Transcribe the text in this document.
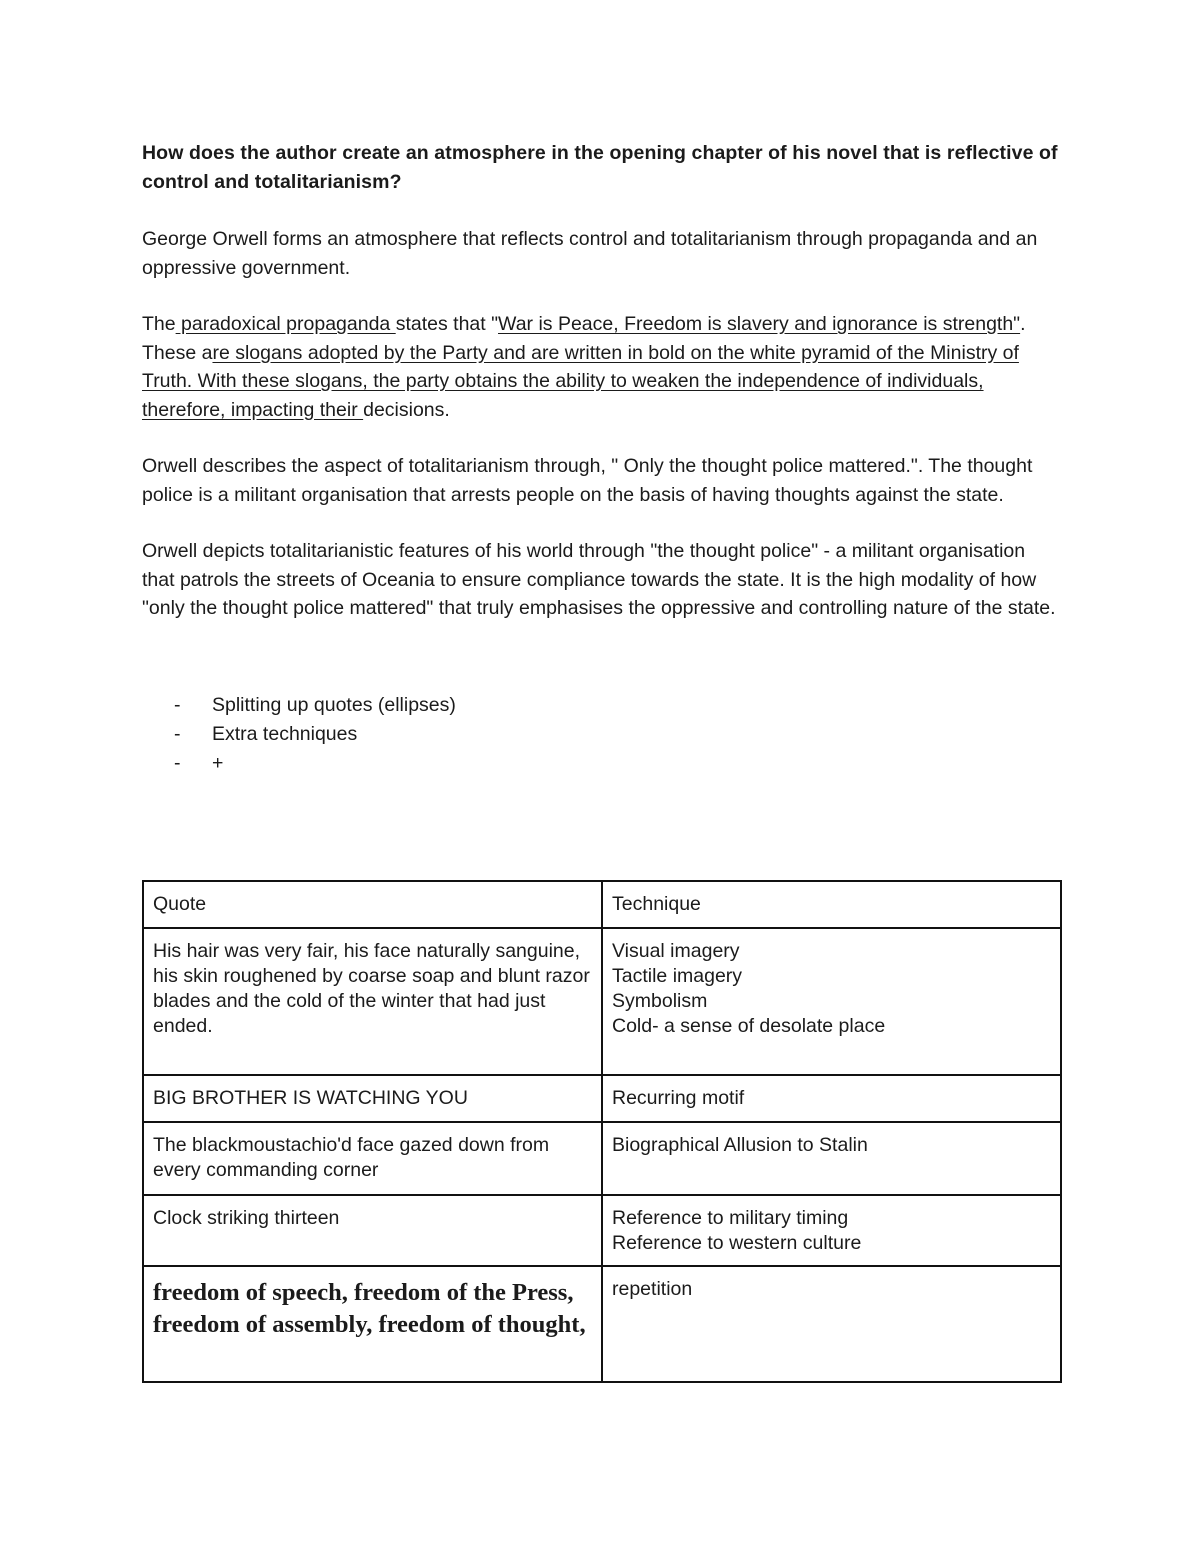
How does the author create an atmosphere in the opening chapter of his novel that is reflective of control and totalitarianism?

George Orwell forms an atmosphere that reflects control and totalitarianism through propaganda and an oppressive government.

The paradoxical propaganda states that "War is Peace, Freedom is slavery and ignorance is strength". These are slogans adopted by the Party and are written in bold on the white pyramid of the Ministry of Truth. With these slogans, the party obtains the ability to weaken the independence of individuals, therefore, impacting their decisions.

Orwell describes the aspect of totalitarianism through, " Only the thought police mattered.". The thought police is a militant organisation that arrests people on the basis of having thoughts against the state.

Orwell depicts totalitarianistic features of his world through "the thought police" - a militant organisation that patrols the streets of Oceania to ensure compliance towards the state. It is the high modality of how "only the thought police mattered" that truly emphasises the oppressive and controlling nature of the state.

- Splitting up quotes (ellipses)
- Extra techniques
- +
Quote	Technique
His hair was very fair, his face naturally sanguine, his skin roughened by coarse soap and blunt razor blades and the cold of the winter that had just ended.	Visual imagery
Tactile imagery
Symbolism
Cold- a sense of desolate place

BIG BROTHER IS WATCHING YOU	Recurring motif

The blackmoustachio'd face gazed down from every commanding corner	Biographical Allusion to Stalin

Clock striking thirteen	Reference to military timing
Reference to western culture

freedom of speech, freedom of the Press, freedom of assembly, freedom of thought,	repetition
